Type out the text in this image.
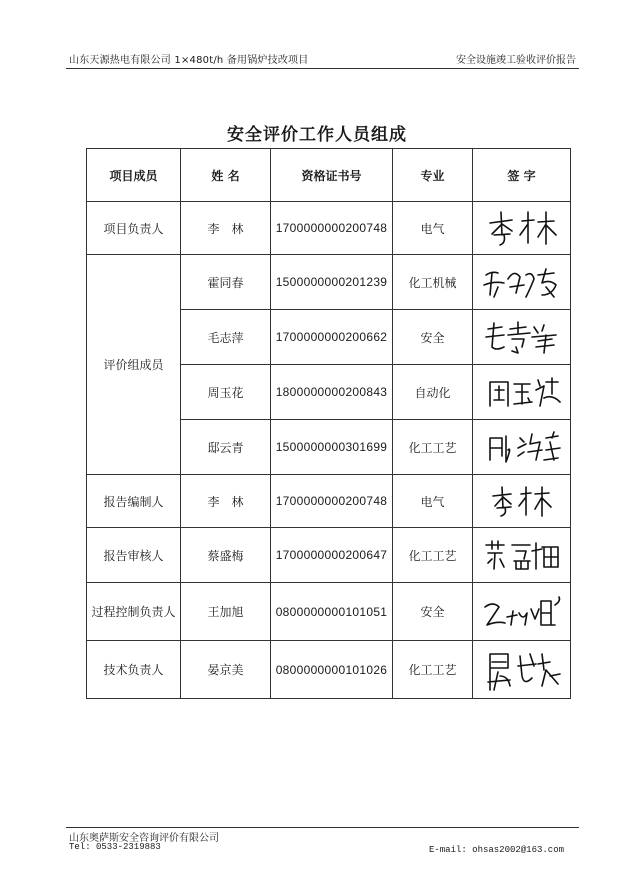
山东天源热电有限公司 1×480t/h 备用锅炉技改项目	安全设施竣工验收评价报告
安全评价工作人员组成
项目成员	姓 名	资格证书号	专业	签 字
项目负责人	李　林	1700000000200748	电气	

评价组成员	霍同春	1500000000201239	化工机械	

	毛志萍	1700000000200662	安全	

	周玉花	1800000000200843	自动化	

	邸云青	1500000000301699	化工工艺	

报告编制人	李　林	1700000000200748	电气	

报告审核人	蔡盛梅	1700000000200647	化工工艺	

过程控制负责人	王加旭	0800000000101051	安全	

技术负责人	晏京美	0800000000101026	化工工艺	
山东奥萨斯安全咨询评价有限公司
Tel: 0533-2319883	E-mail: ohsas2002@163.com
